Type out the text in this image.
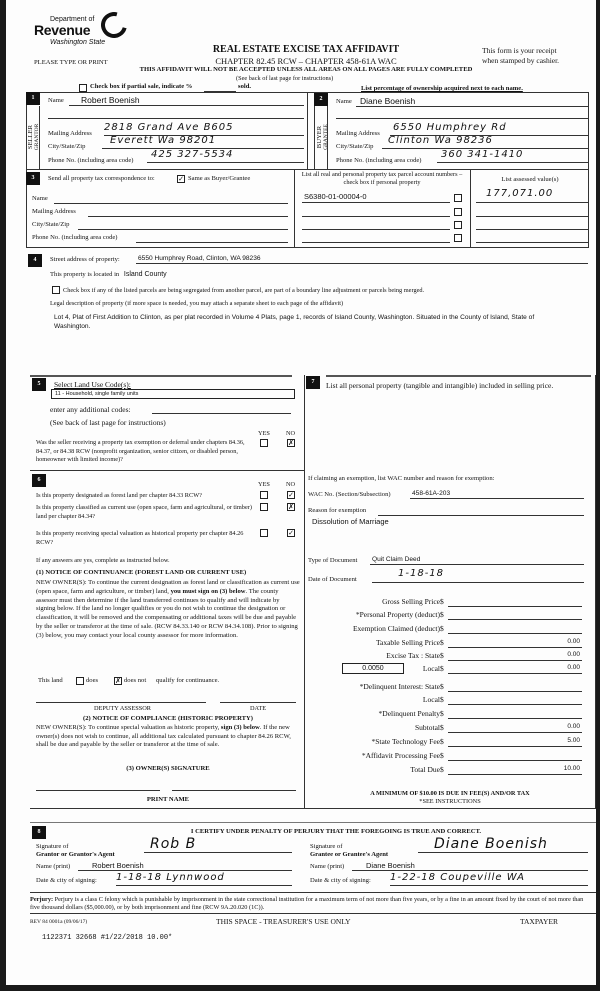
Department of
Revenue
Washington State
PLEASE TYPE OR PRINT
REAL ESTATE EXCISE TAX AFFIDAVIT
CHAPTER 82.45 RCW – CHAPTER 458-61A WAC
THIS AFFIDAVIT WILL NOT BE ACCEPTED UNLESS ALL AREAS ON ALL PAGES ARE FULLY COMPLETED
(See back of last page for instructions)
This form is your receipt
when stamped by cashier.
Check box if partial sale, indicate %	sold.	List percentage of ownership acquired next to each name.
1
SELLER GRANTOR
Name	Robert Boenish
Mailing Address
2818 Grand Ave B605
City/State/Zip
Everett Wa 98201
Phone No. (including area code)
425 327-5534
2
BUYER GRANTEE
Name Diane Boenish
Mailing Address
6550 Humphrey Rd
City/State/Zip
Clinton Wa 98236
Phone No. (including area code)
360 341-1410
3	Send all property tax correspondence to:	✓ Same as Buyer/Grantee
Name
Mailing Address
City/State/Zip
Phone No. (including area code)
List all real and personal property tax parcel account numbers – check box if personal property	List assessed value(s)
S6380-01-00004-0	177,071.00
4	Street address of property:	6550 Humphrey Road, Clinton, WA 98236
This property is located in Island County
Check box if any of the listed parcels are being segregated from another parcel, are part of a boundary line adjustment or parcels being merged.
Legal description of property (if more space is needed, you may attach a separate sheet to each page of the affidavit)
Lot 4, Plat of First Addition to Clinton, as per plat recorded in Volume 4 Plats, page 1, records of Island County, Washington. Situated in the County of Island, State of Washington.
5	Select Land Use Code(s):
11 - Household, single family units
enter any additional codes:
(See back of last page for instructions)
YES	NO
Was the seller receiving a property tax exemption or deferral under chapters 84.36, 84.37, or 84.38 RCW (nonprofit organization, senior citizen, or disabled person, homeowner with limited income)?
✗
7	List all personal property (tangible and intangible) included in selling price.
6
YES	NO
Is this property designated as forest land per chapter 84.33 RCW?	✓
Is this property classified as current use (open space, farm and agricultural, or timber) land per chapter 84.34?
✗
Is this property receiving special valuation as historical property per chapter 84.26 RCW?
✓
If any answers are yes, complete as instructed below.
(1) NOTICE OF CONTINUANCE (FOREST LAND OR CURRENT USE)
NEW OWNER(S): To continue the current designation as forest land or classification as current use (open space, farm and agriculture, or timber) land, you must sign on (3) below. The county assessor must then determine if the land transferred continues to qualify and will indicate by signing below. If the land no longer qualifies or you do not wish to continue the designation or classification, it will be removed and the compensating or additional taxes will be due and payable by the seller or transferor at the time of sale. (RCW 84.33.140 or RCW 84.34.108). Prior to signing (3) below, you may contact your local county assessor for more information.
This land	does ✗ does not qualify for continuance.
DEPUTY ASSESSOR	DATE
(2) NOTICE OF COMPLIANCE (HISTORIC PROPERTY)
NEW OWNER(S): To continue special valuation as historic property, sign (3) below. If the new owner(s) does not wish to continue, all additional tax calculated pursuant to chapter 84.26 RCW, shall be due and payable by the seller or transferor at the time of sale.
(3) OWNER(S) SIGNATURE
PRINT NAME
If claiming an exemption, list WAC number and reason for exemption:
WAC No. (Section/Subsection)	458-61A-203
Reason for exemption
Dissolution of Marriage
Type of Document	Quit Claim Deed
Date of Document
1-18-18
Gross Selling Price $
*Personal Property (deduct) $
Exemption Claimed (deduct) $
Taxable Selling Price $	0.00
Excise Tax : State $	0.00
0.0050	Local $	0.00
*Delinquent Interest: State $
Local $
*Delinquent Penalty $
Subtotal $	0.00
*State Technology Fee $	5.00
*Affidavit Processing Fee $
Total Due $	10.00
A MINIMUM OF $10.00 IS DUE IN FEE(S) AND/OR TAX
*SEE INSTRUCTIONS
8	I CERTIFY UNDER PENALTY OF PERJURY THAT THE FOREGOING IS TRUE AND CORRECT.
Signature of
Grantor or Grantor's Agent
Rob B
Name (print)	Robert Boenish
Date & city of signing: 1-18-18 Lynnwood
Signature of
Grantee or Grantee's Agent
Diane Boenish
Name (print)	Diane Boenish
Date & city of signing: 1-22-18 Coupeville WA
Perjury: Perjury is a class C felony which is punishable by imprisonment in the state correctional institution for a maximum term of not more than five years, or by a fine in an amount fixed by the court of not more than five thousand dollars ($5,000.00), or by both imprisonment and fine (RCW 9A.20.020 (1C)).
REV 84 0001a (09/06/17)	THIS SPACE - TREASURER'S USE ONLY	TAXPAYER
1122371 32668 #1/22/2018 10.00*
